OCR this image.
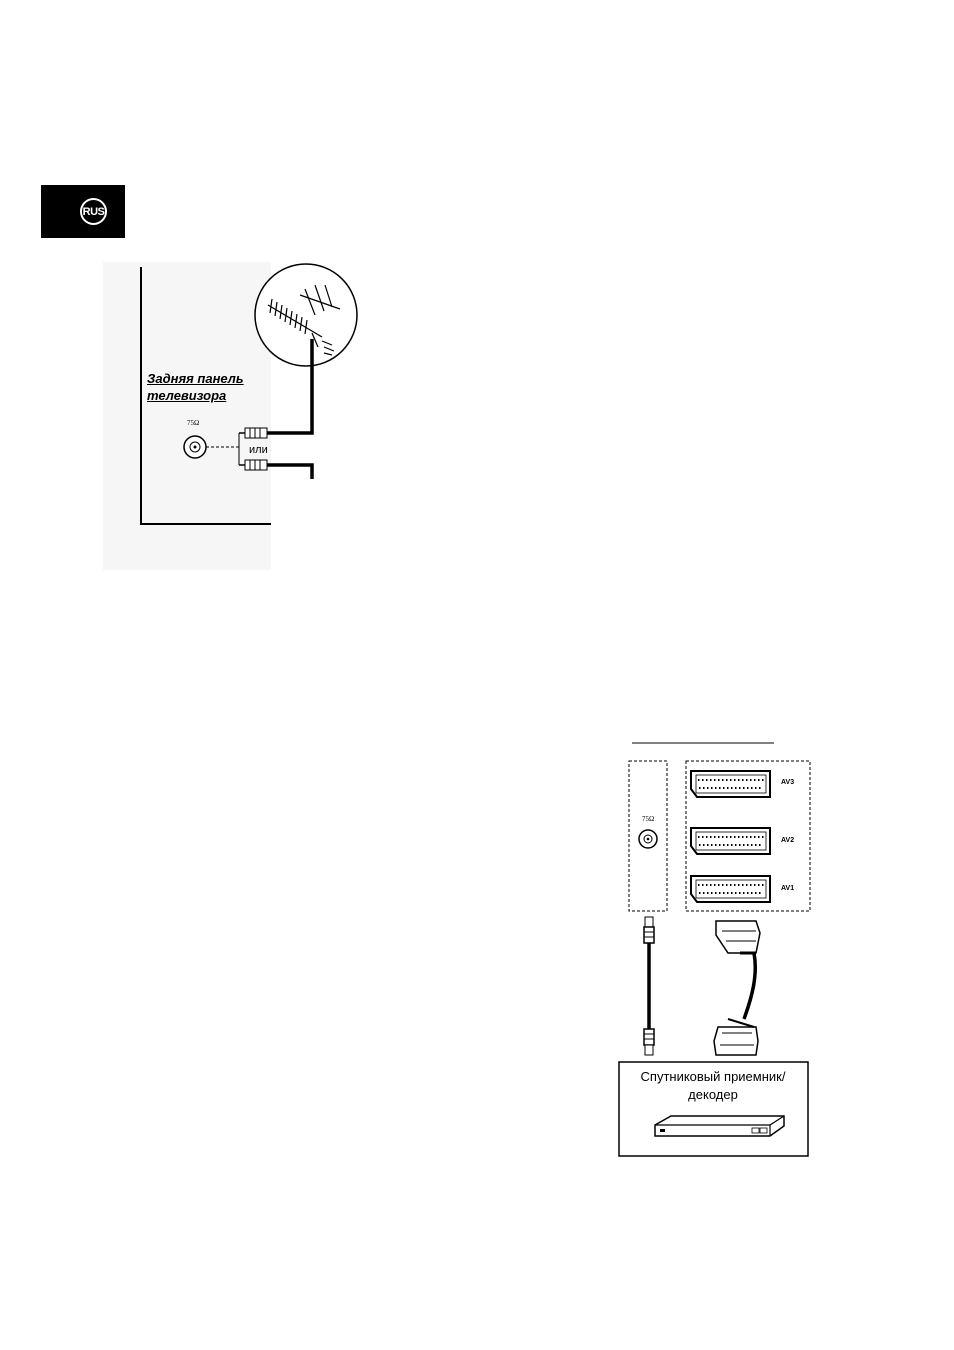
RUS
Задняя панель
телевизора
75Ω
или
75Ω
AV3
AV2
AV1
Спутниковый приемник/
декодер
